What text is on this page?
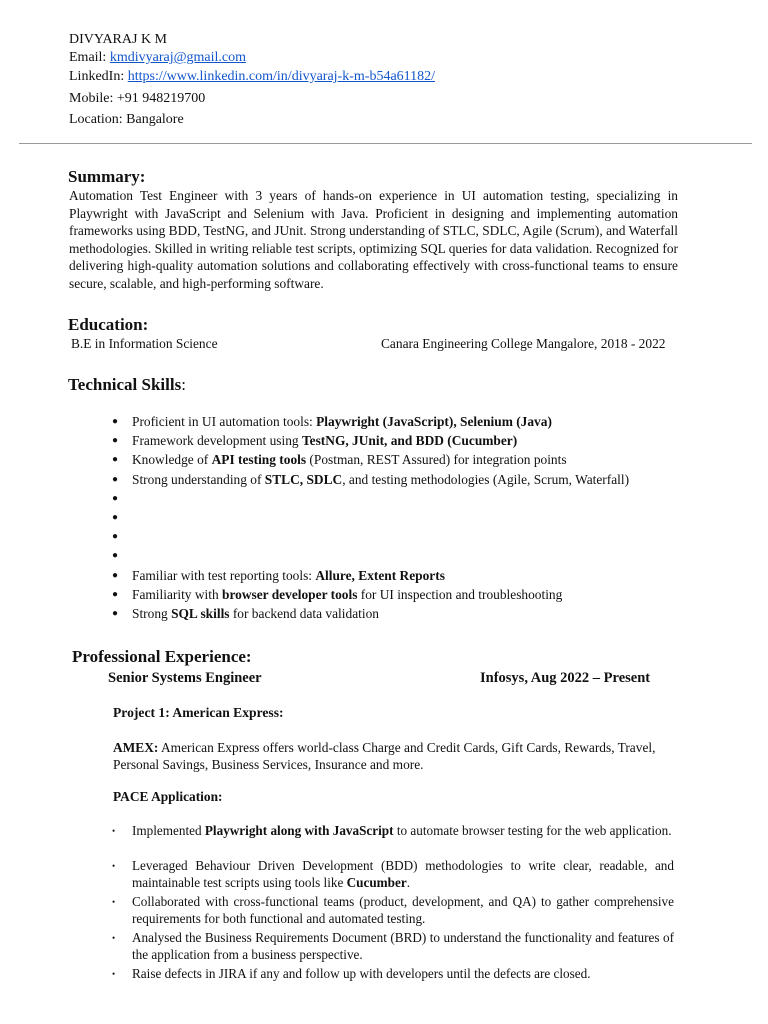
DIVYARAJ K M
Email: kmdivyaraj@gmail.com
LinkedIn: https://www.linkedin.com/in/divyaraj-k-m-b54a61182/
Mobile: +91 948219700
Location: Bangalore
Summary:
Automation Test Engineer with 3 years of hands-on experience in UI automation testing, specializing in Playwright with JavaScript and Selenium with Java. Proficient in designing and implementing automation frameworks using BDD, TestNG, and JUnit. Strong understanding of STLC, SDLC, Agile (Scrum), and Waterfall methodologies. Skilled in writing reliable test scripts, optimizing SQL queries for data validation. Recognized for delivering high-quality automation solutions and collaborating effectively with cross-functional teams to ensure secure, scalable, and high-performing software.
Education:
B.E in Information Science	Canara Engineering College Mangalore, 2018 - 2022
Technical Skills:
● Proficient in UI automation tools: Playwright (JavaScript), Selenium (Java)
● Framework development using TestNG, JUnit, and BDD (Cucumber)
● Knowledge of API testing tools (Postman, REST Assured) for integration points
● Strong understanding of STLC, SDLC, and testing methodologies (Agile, Scrum, Waterfall)
●
●
●
●
● Familiar with test reporting tools: Allure, Extent Reports
● Familiarity with browser developer tools for UI inspection and troubleshooting
● Strong SQL skills for backend data validation
Professional Experience:
Senior Systems Engineer	Infosys, Aug 2022 – Present
Project 1: American Express:
AMEX: American Express offers world-class Charge and Credit Cards, Gift Cards, Rewards, Travel, Personal Savings, Business Services, Insurance and more.
PACE Application:
• Implemented Playwright along with JavaScript to automate browser testing for the web application.
• Leveraged Behaviour Driven Development (BDD) methodologies to write clear, readable, and maintainable test scripts using tools like Cucumber.
• Collaborated with cross-functional teams (product, development, and QA) to gather comprehensive requirements for both functional and automated testing.
• Analysed the Business Requirements Document (BRD) to understand the functionality and features of the application from a business perspective.
• Raise defects in JIRA if any and follow up with developers until the defects are closed.
